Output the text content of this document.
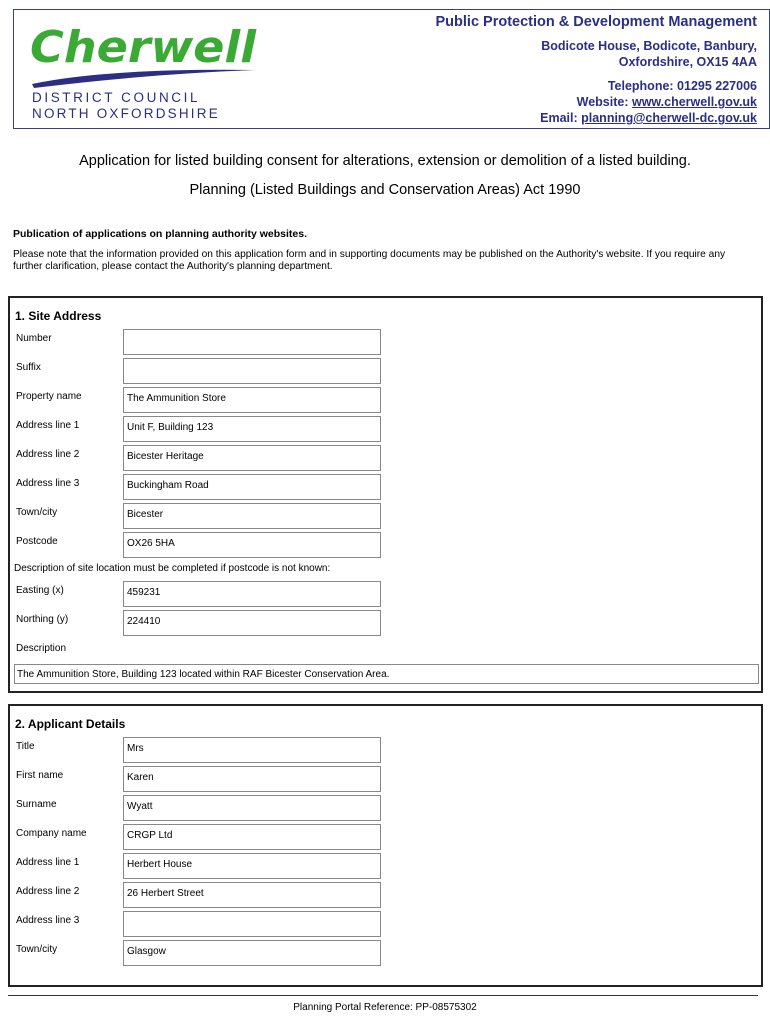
Cherwell
DISTRICT COUNCIL
NORTH OXFORDSHIRE
Public Protection & Development Management
Bodicote House, Bodicote, Banbury,
Oxfordshire, OX15 4AA
Telephone: 01295 227006
Website: www.cherwell.gov.uk
Email: planning@cherwell-dc.gov.uk
Application for listed building consent for alterations, extension or demolition of a listed building.
Planning (Listed Buildings and Conservation Areas) Act 1990
Publication of applications on planning authority websites.
Please note that the information provided on this application form and in supporting documents may be published on the Authority's website. If you require any further clarification, please contact the Authority's planning department.
1. Site Address
Number
Suffix
Property name	The Ammunition Store
Address line 1	Unit F, Building 123
Address line 2	Bicester Heritage
Address line 3	Buckingham Road
Town/city	Bicester
Postcode	OX26 5HA
Description of site location must be completed if postcode is not known:
Easting (x)	459231
Northing (y)	224410
Description
The Ammunition Store, Building 123 located within RAF Bicester Conservation Area.
2. Applicant Details
Title	Mrs
First name	Karen
Surname	Wyatt
Company name	CRGP Ltd
Address line 1	Herbert House
Address line 2	26 Herbert Street
Address line 3
Town/city	Glasgow
Planning Portal Reference: PP-08575302
